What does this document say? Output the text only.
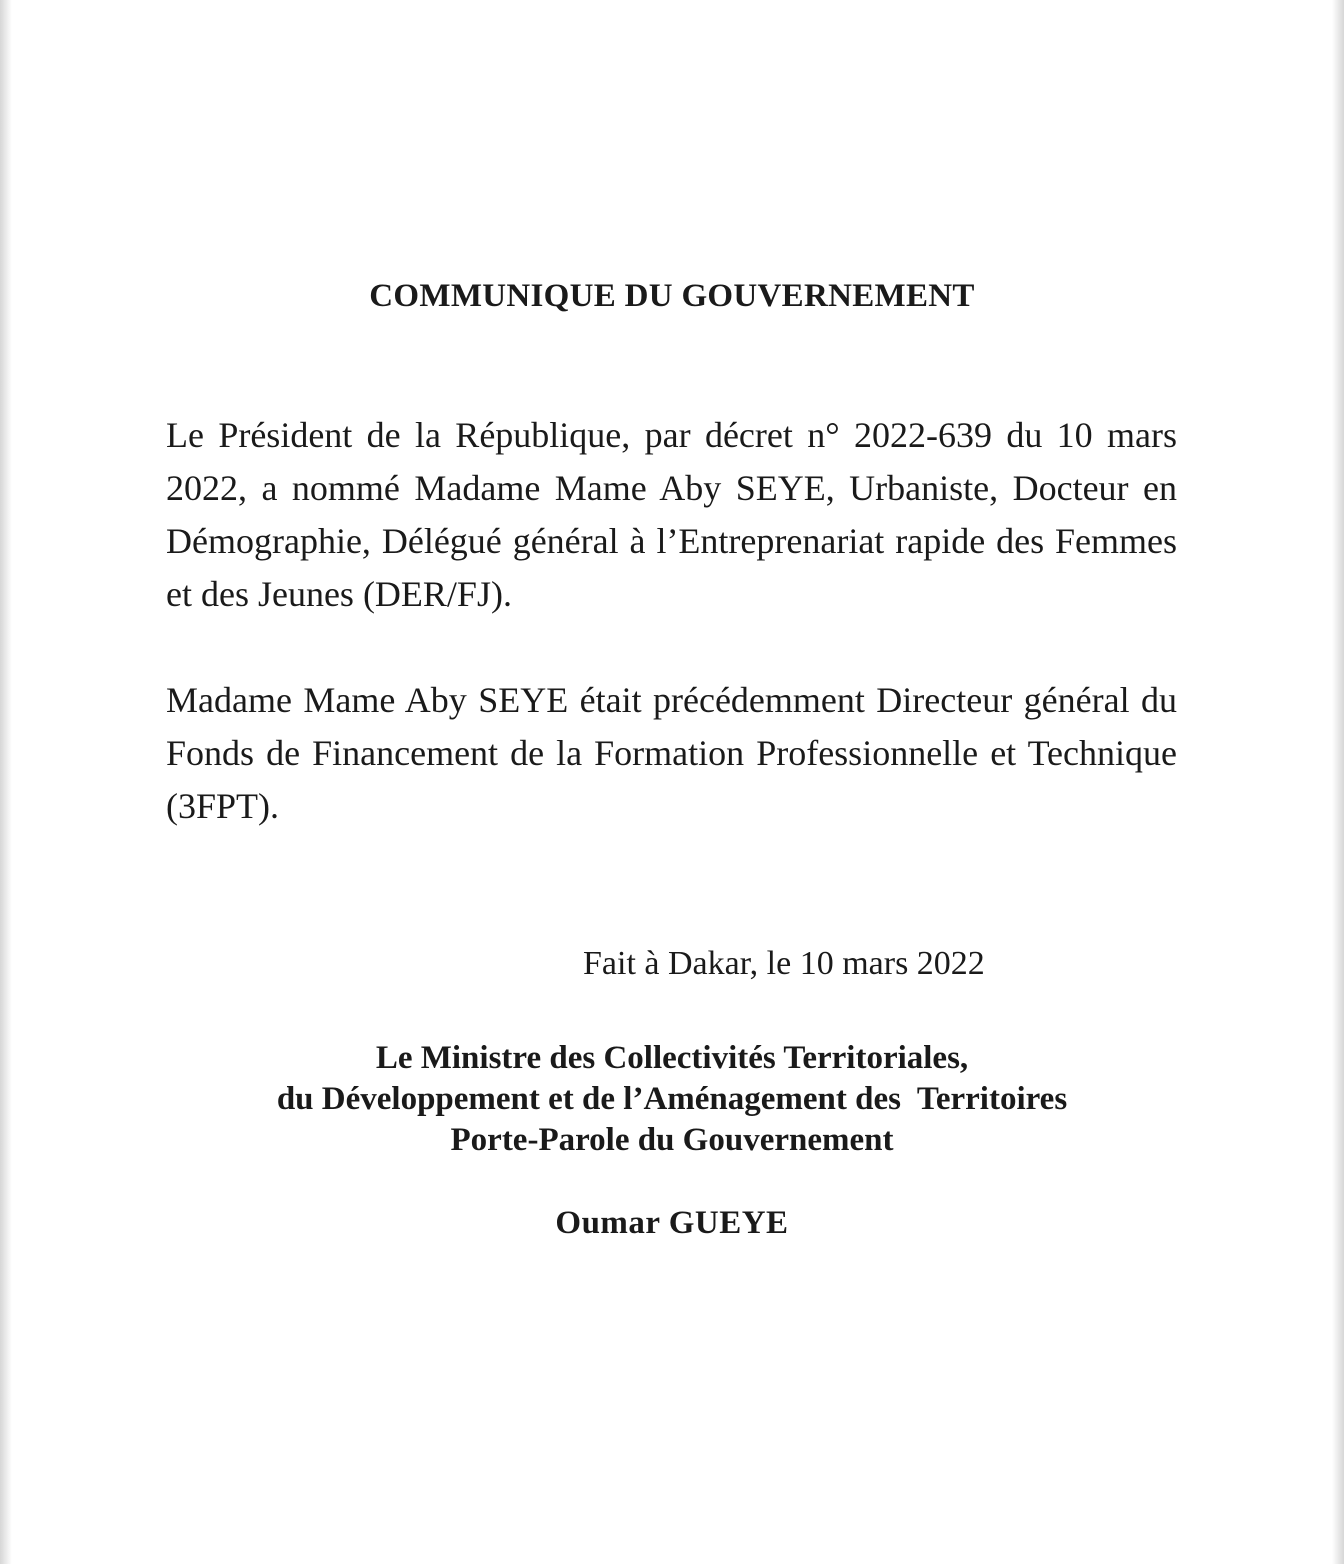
COMMUNIQUE DU GOUVERNEMENT

Le Président de la République, par décret n° 2022-639 du 10 mars 2022, a nommé Madame Mame Aby SEYE, Urbaniste, Docteur en Démographie, Délégué général à l’Entreprenariat rapide des Femmes et des Jeunes (DER/FJ).

Madame Mame Aby SEYE était précédemment Directeur général du Fonds de Financement de la Formation Professionnelle et Technique (3FPT).

Fait à Dakar, le 10 mars 2022
Le Ministre des Collectivités Territoriales,
du Développement et de l’Aménagement des  Territoires
Porte-Parole du Gouvernement
Oumar GUEYE
